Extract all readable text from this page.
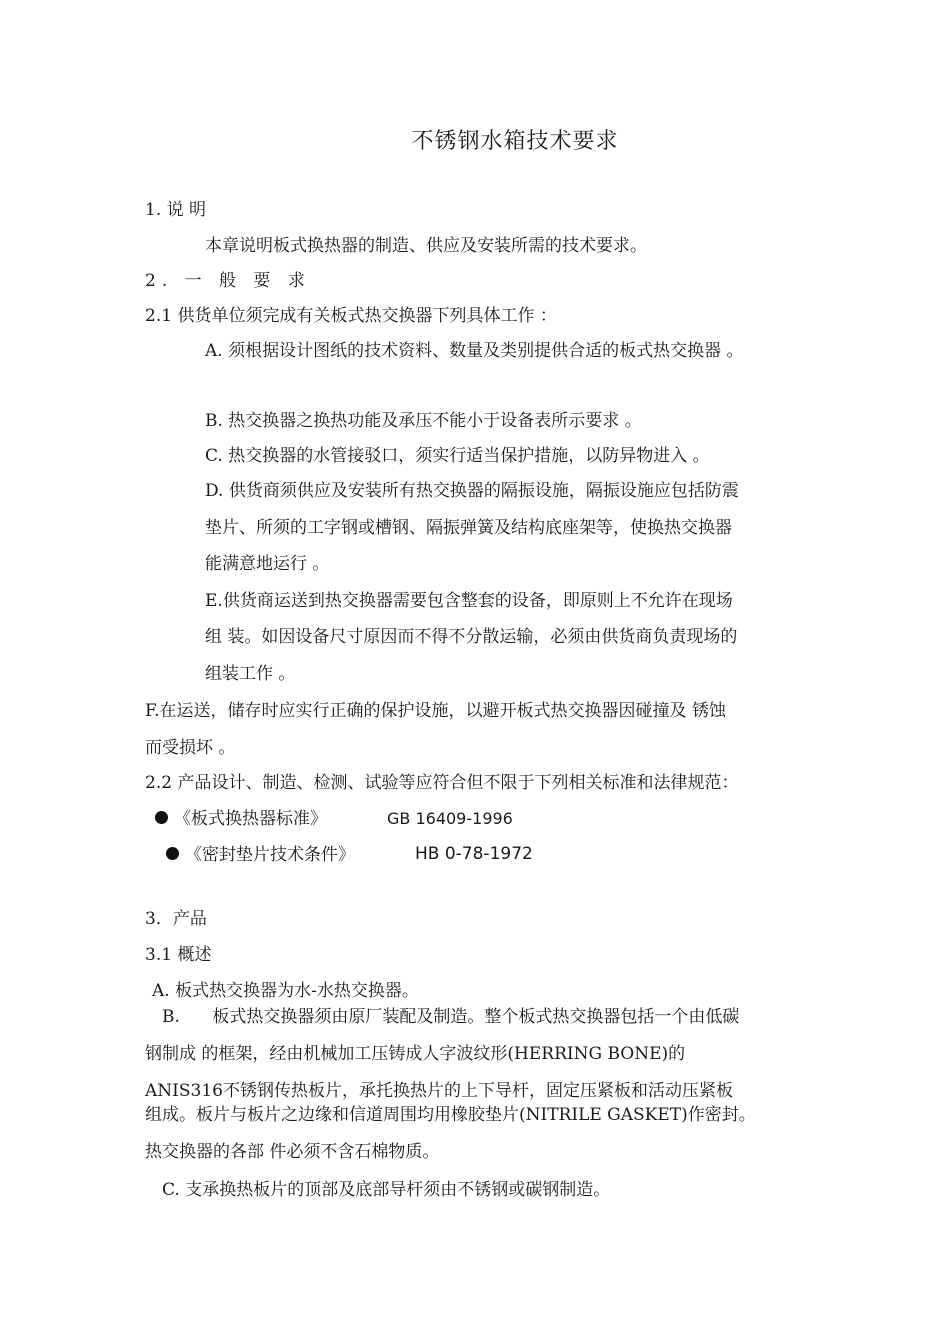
不锈钢水箱技术要求
1. 说 明
本章说明板式换热器的制造、供应及安装所需的技术要求。
2. 一 般 要 求
2.1 供货单位须完成有关板式热交换器下列具体工作 ：
A. 须根据设计图纸的技术资料、数量及类别提供合适的板式热交换器 。
B. 热交换器之换热功能及承压不能小于设备表所示要求 。
C. 热交换器的水管接驳口，须实行适当保护措施，以防异物进入 。
D. 供货商须供应及安装所有热交换器的隔振设施，隔振设施应包括防震
垫片、所须的工字钢或槽钢、隔振弹簧及结构底座架等，使换热交换器
能满意地运行 。
E.供货商运送到热交换器需要包含整套的设备，即原则上不允许在现场
组 装。如因设备尺寸原因而不得不分散运输，必须由供货商负责现场的
组装工作 。
F.在运送，储存时应实行正确的保护设施，以避开板式热交换器因碰撞及 锈蚀
而受损坏 。
2.2 产品设计、制造、检测、试验等应符合但不限于下列相关标准和法律规范：
《板式换热器标准》	GB 16409-1996
《密封垫片技术条件》	HB 0-78-1972
3．产品
3.1 概述
A. 板式热交换器为水-水热交换器。
B.      板式热交换器须由原厂装配及制造。整个板式热交换器包括一个由低碳
钢制成 的框架，经由机械加工压铸成人字波纹形(HERRING BONE)的
ANIS316不锈钢传热板片，承托换热片的上下导杆，固定压紧板和活动压紧板
组成。板片与板片之边缘和信道周围均用橡胶垫片(NITRILE GASKET)作密封。
热交换器的各部 件必须不含石棉物质。
C. 支承换热板片的顶部及底部导杆须由不锈钢或碳钢制造。
